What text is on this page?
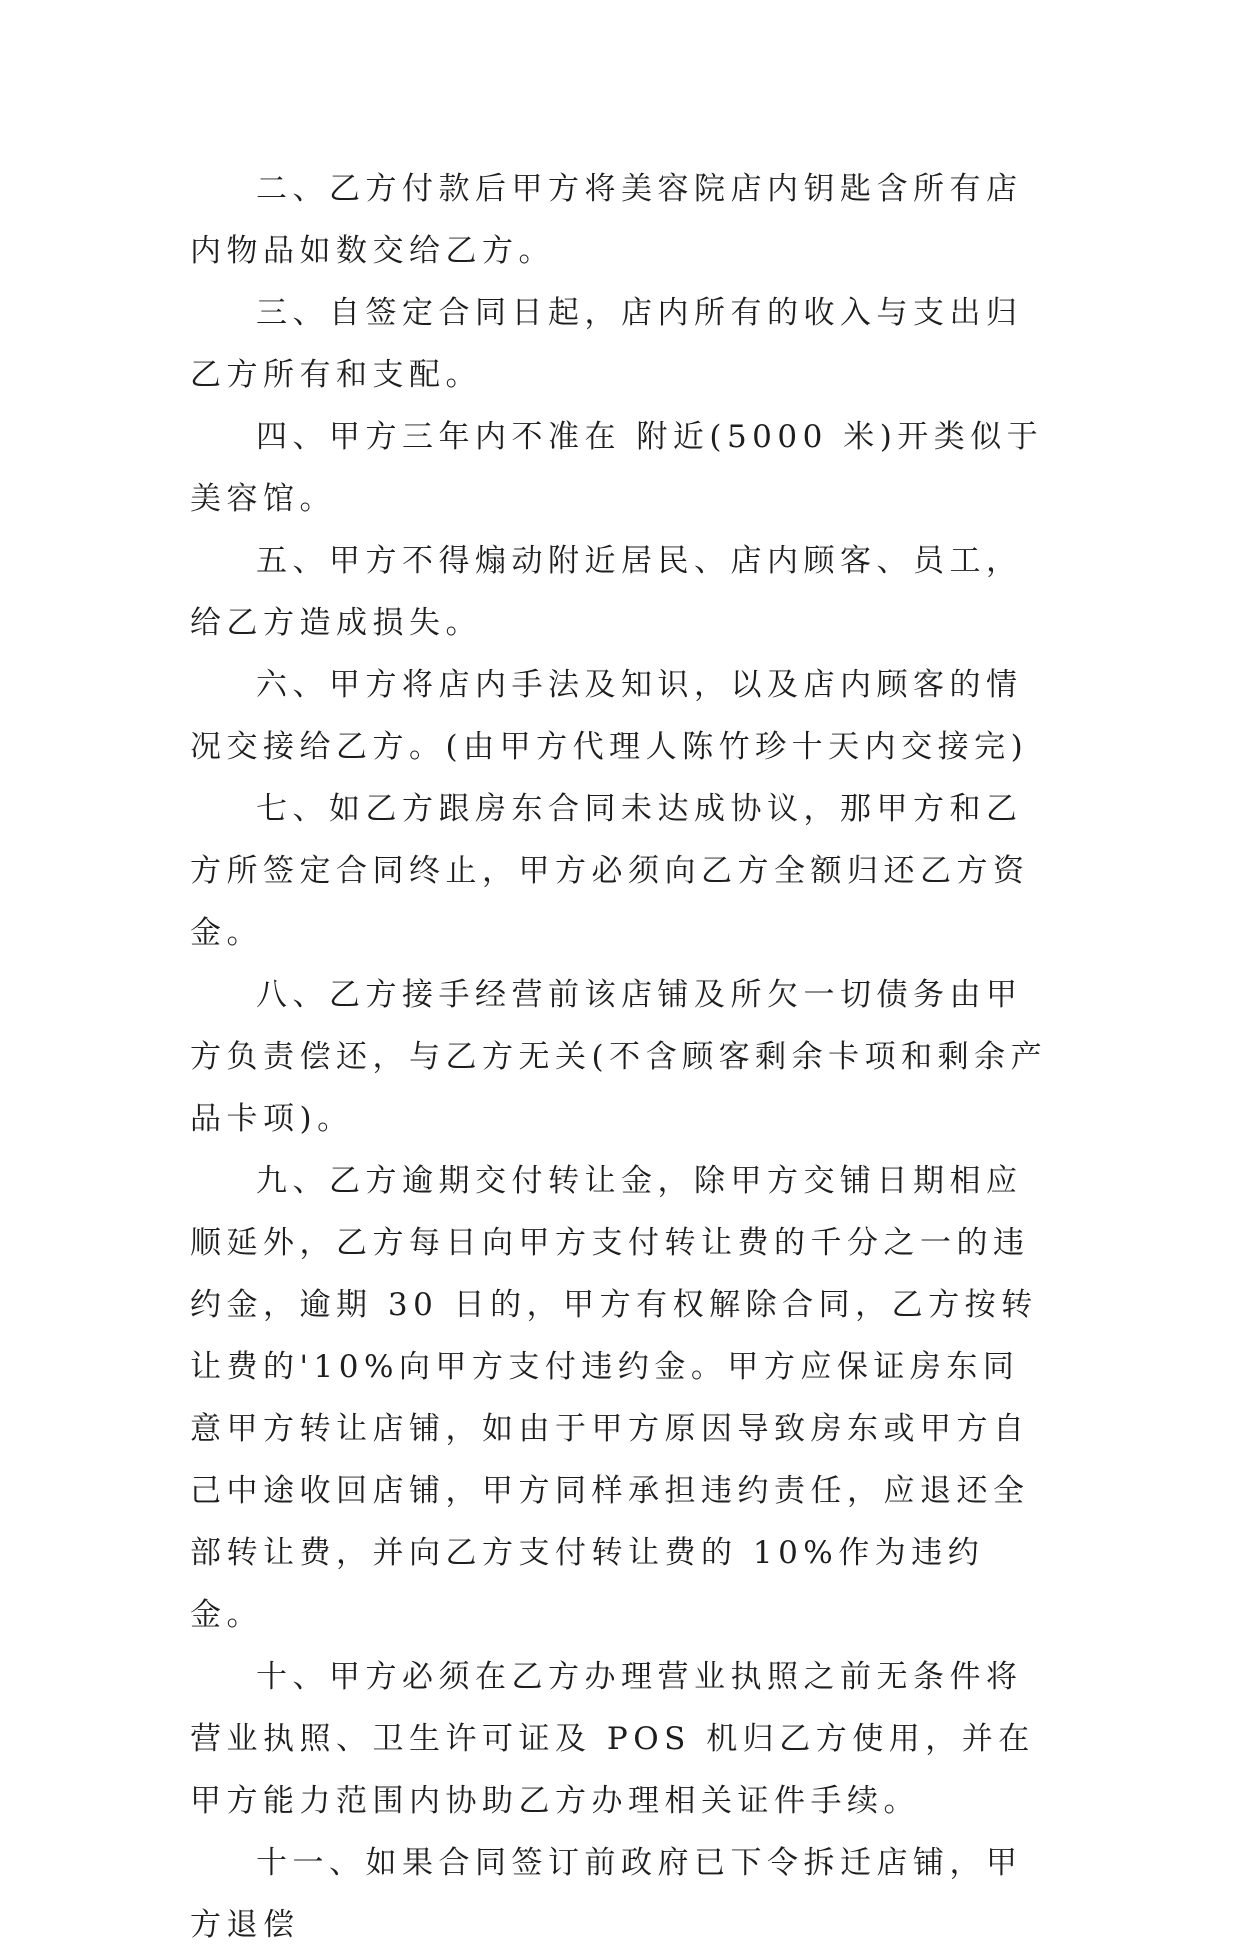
二、乙方付款后甲方将美容院店内钥匙含所有店内物品如数交给乙方。

三、自签定合同日起，店内所有的收入与支出归乙方所有和支配。

四、甲方三年内不准在 附近(5000 米)开类似于美容馆。

五、甲方不得煽动附近居民、店内顾客、员工，给乙方造成损失。

六、甲方将店内手法及知识，以及店内顾客的情况交接给乙方。(由甲方代理人陈竹珍十天内交接完)

七、如乙方跟房东合同未达成协议，那甲方和乙方所签定合同终止，甲方必须向乙方全额归还乙方资金。

八、乙方接手经营前该店铺及所欠一切债务由甲方负责偿还，与乙方无关(不含顾客剩余卡项和剩余产品卡项)。

九、乙方逾期交付转让金，除甲方交铺日期相应顺延外，乙方每日向甲方支付转让费的千分之一的违约金，逾期 30 日的，甲方有权解除合同，乙方按转让费的'10%向甲方支付违约金。甲方应保证房东同意甲方转让店铺，如由于甲方原因导致房东或甲方自己中途收回店铺，甲方同样承担违约责任，应退还全部转让费，并向乙方支付转让费的 10%作为违约金。

十、甲方必须在乙方办理营业执照之前无条件将营业执照、卫生许可证及 POS 机归乙方使用，并在甲方能力范围内协助乙方办理相关证件手续。

十一、如果合同签订前政府已下令拆迁店铺，甲方退偿
